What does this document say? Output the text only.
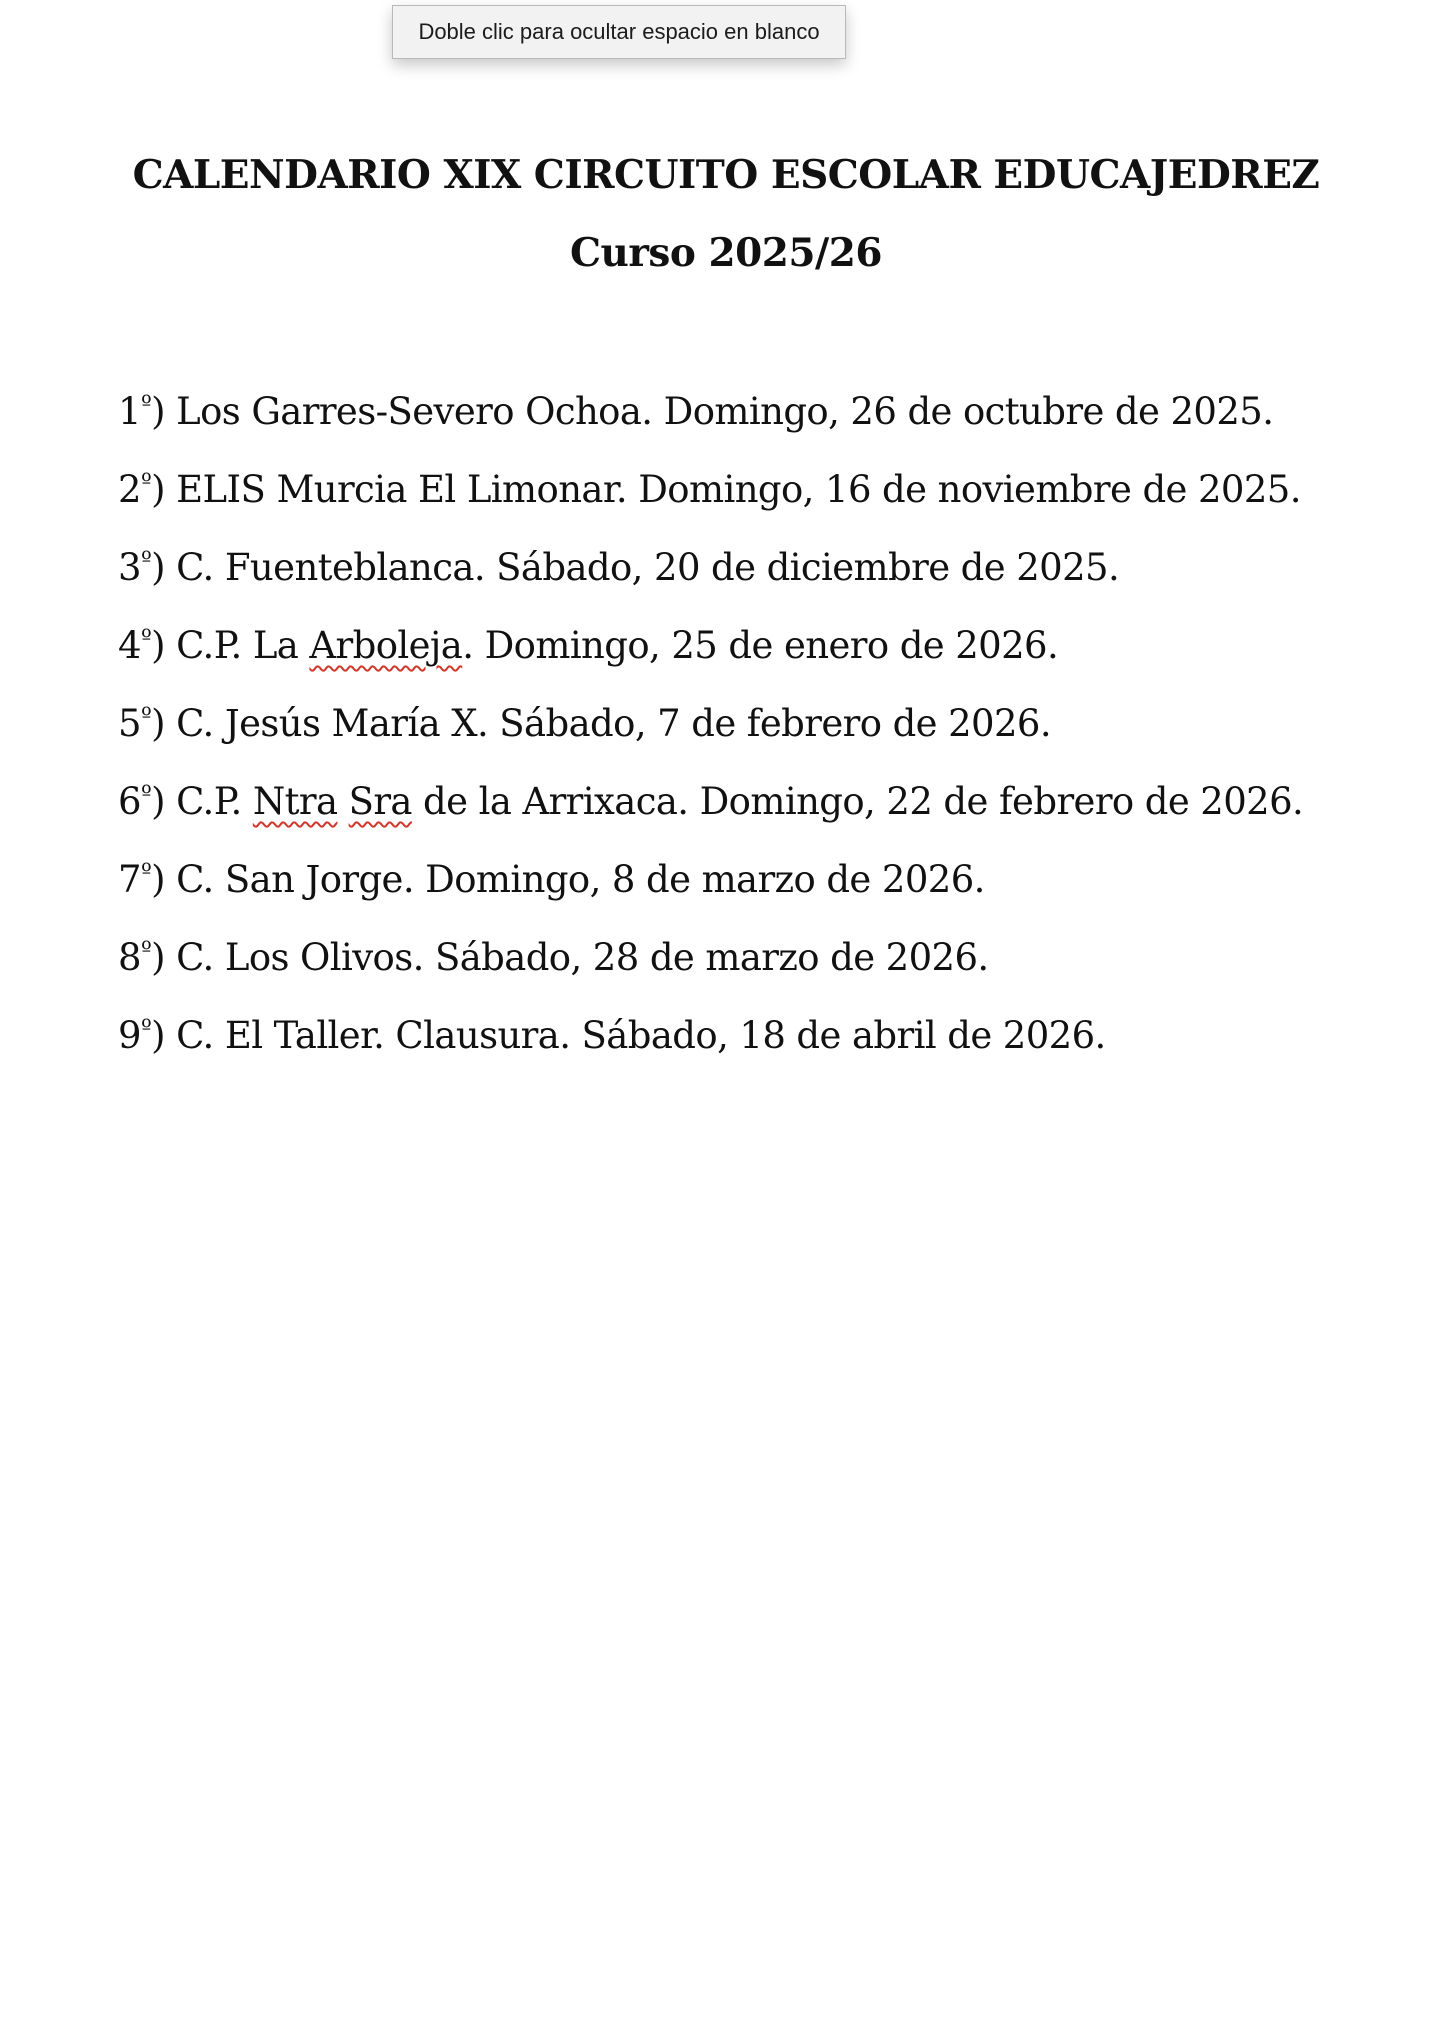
Doble clic para ocultar espacio en blanco
CALENDARIO XIX CIRCUITO ESCOLAR EDUCAJEDREZ
Curso 2025/26
$1^º$) Los Garres-Severo Ochoa. Domingo, 26 de octubre de 2025.
$2^º$) ELIS Murcia El Limonar. Domingo, 16 de noviembre de 2025.
$3^º$) C. Fuenteblanca. Sábado, 20 de diciembre de 2025.
$4^º$) C.P. La Arboleja. Domingo, 25 de enero de 2026.
$5^º$) C. Jesús María X. Sábado, 7 de febrero de 2026.
$6^º$) C.P. Ntra Sra de la Arrixaca. Domingo, 22 de febrero de 2026.
$7^º$) C. San Jorge. Domingo, 8 de marzo de 2026.
$8^º$) C. Los Olivos. Sábado, 28 de marzo de 2026.
$9^º$) C. El Taller. Clausura. Sábado, 18 de abril de 2026.
